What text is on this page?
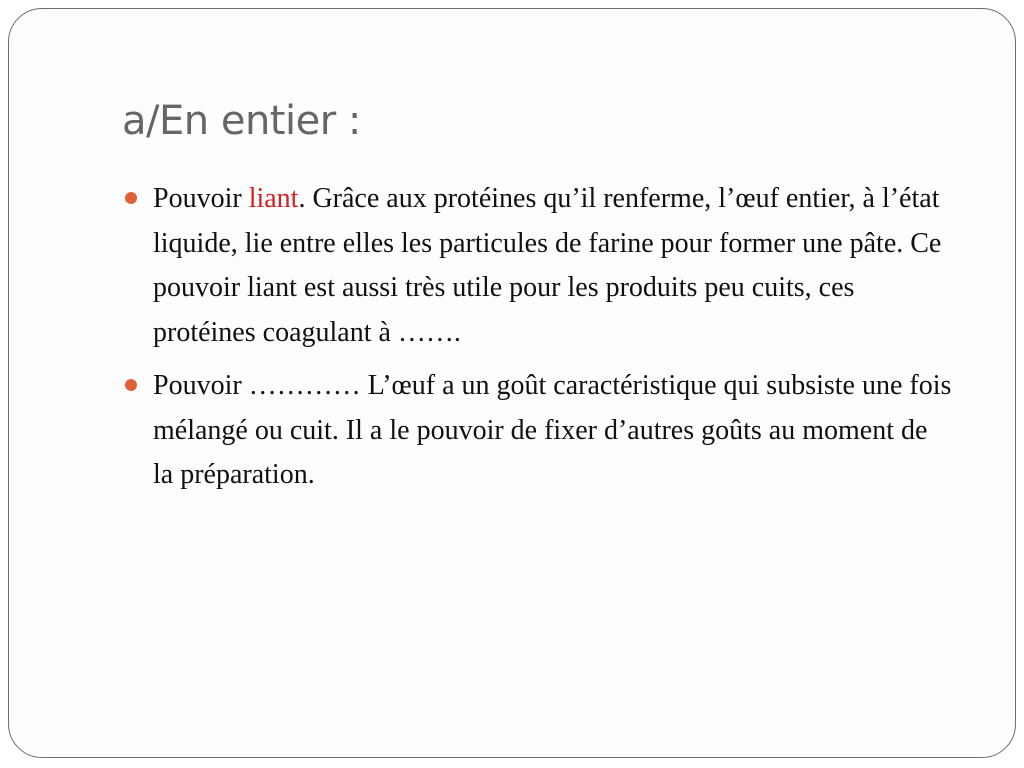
a/En entier :
Pouvoir liant. Grâce aux protéines qu’il renferme, l’œuf entier, à l’état liquide, lie entre elles les particules de farine pour former une pâte. Ce pouvoir liant est aussi très utile pour les produits peu cuits, ces protéines coagulant à …….
Pouvoir ………… L’œuf a un goût caractéristique qui subsiste une fois mélangé ou cuit. Il a le pouvoir de fixer d’autres goûts au moment de la préparation.
